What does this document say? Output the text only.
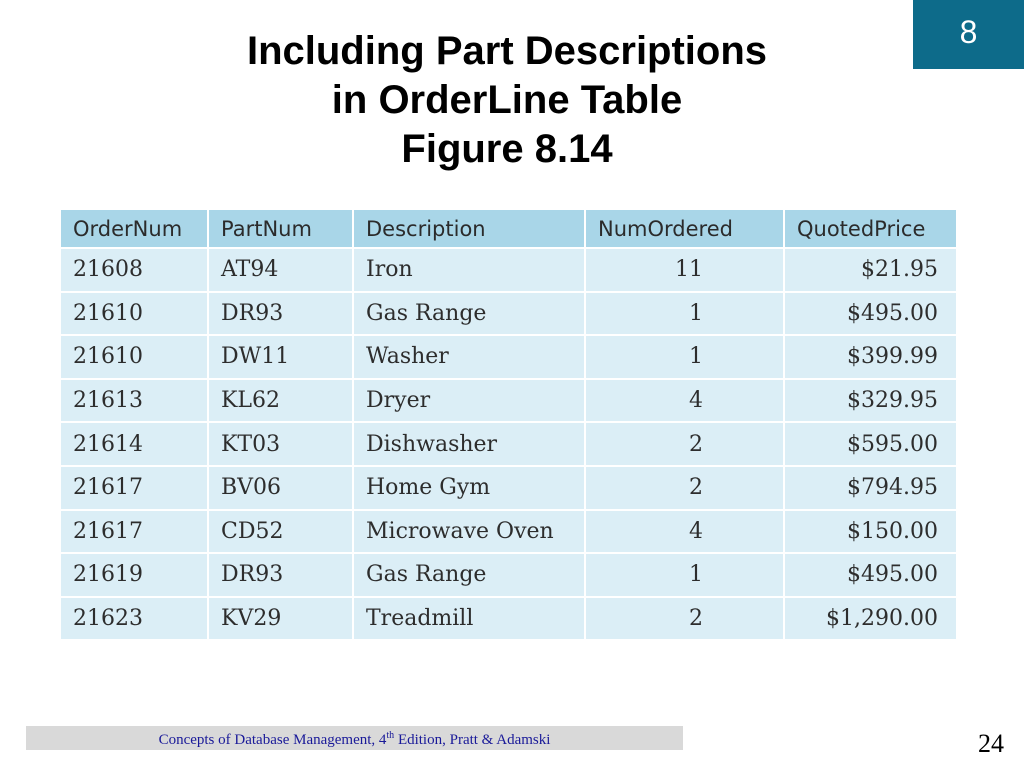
8
Including Part Descriptions
in OrderLine Table
Figure 8.14
OrderNum	PartNum	Description	NumOrdered	QuotedPrice
21608	AT94	Iron	11	$21.95
21610	DR93	Gas Range	1	$495.00
21610	DW11	Washer	1	$399.99
21613	KL62	Dryer	4	$329.95
21614	KT03	Dishwasher	2	$595.00
21617	BV06	Home Gym	2	$794.95
21617	CD52	Microwave Oven	4	$150.00
21619	DR93	Gas Range	1	$495.00
21623	KV29	Treadmill	2	$1,290.00
Concepts of Database Management, 4th Edition, Pratt & Adamski	24
